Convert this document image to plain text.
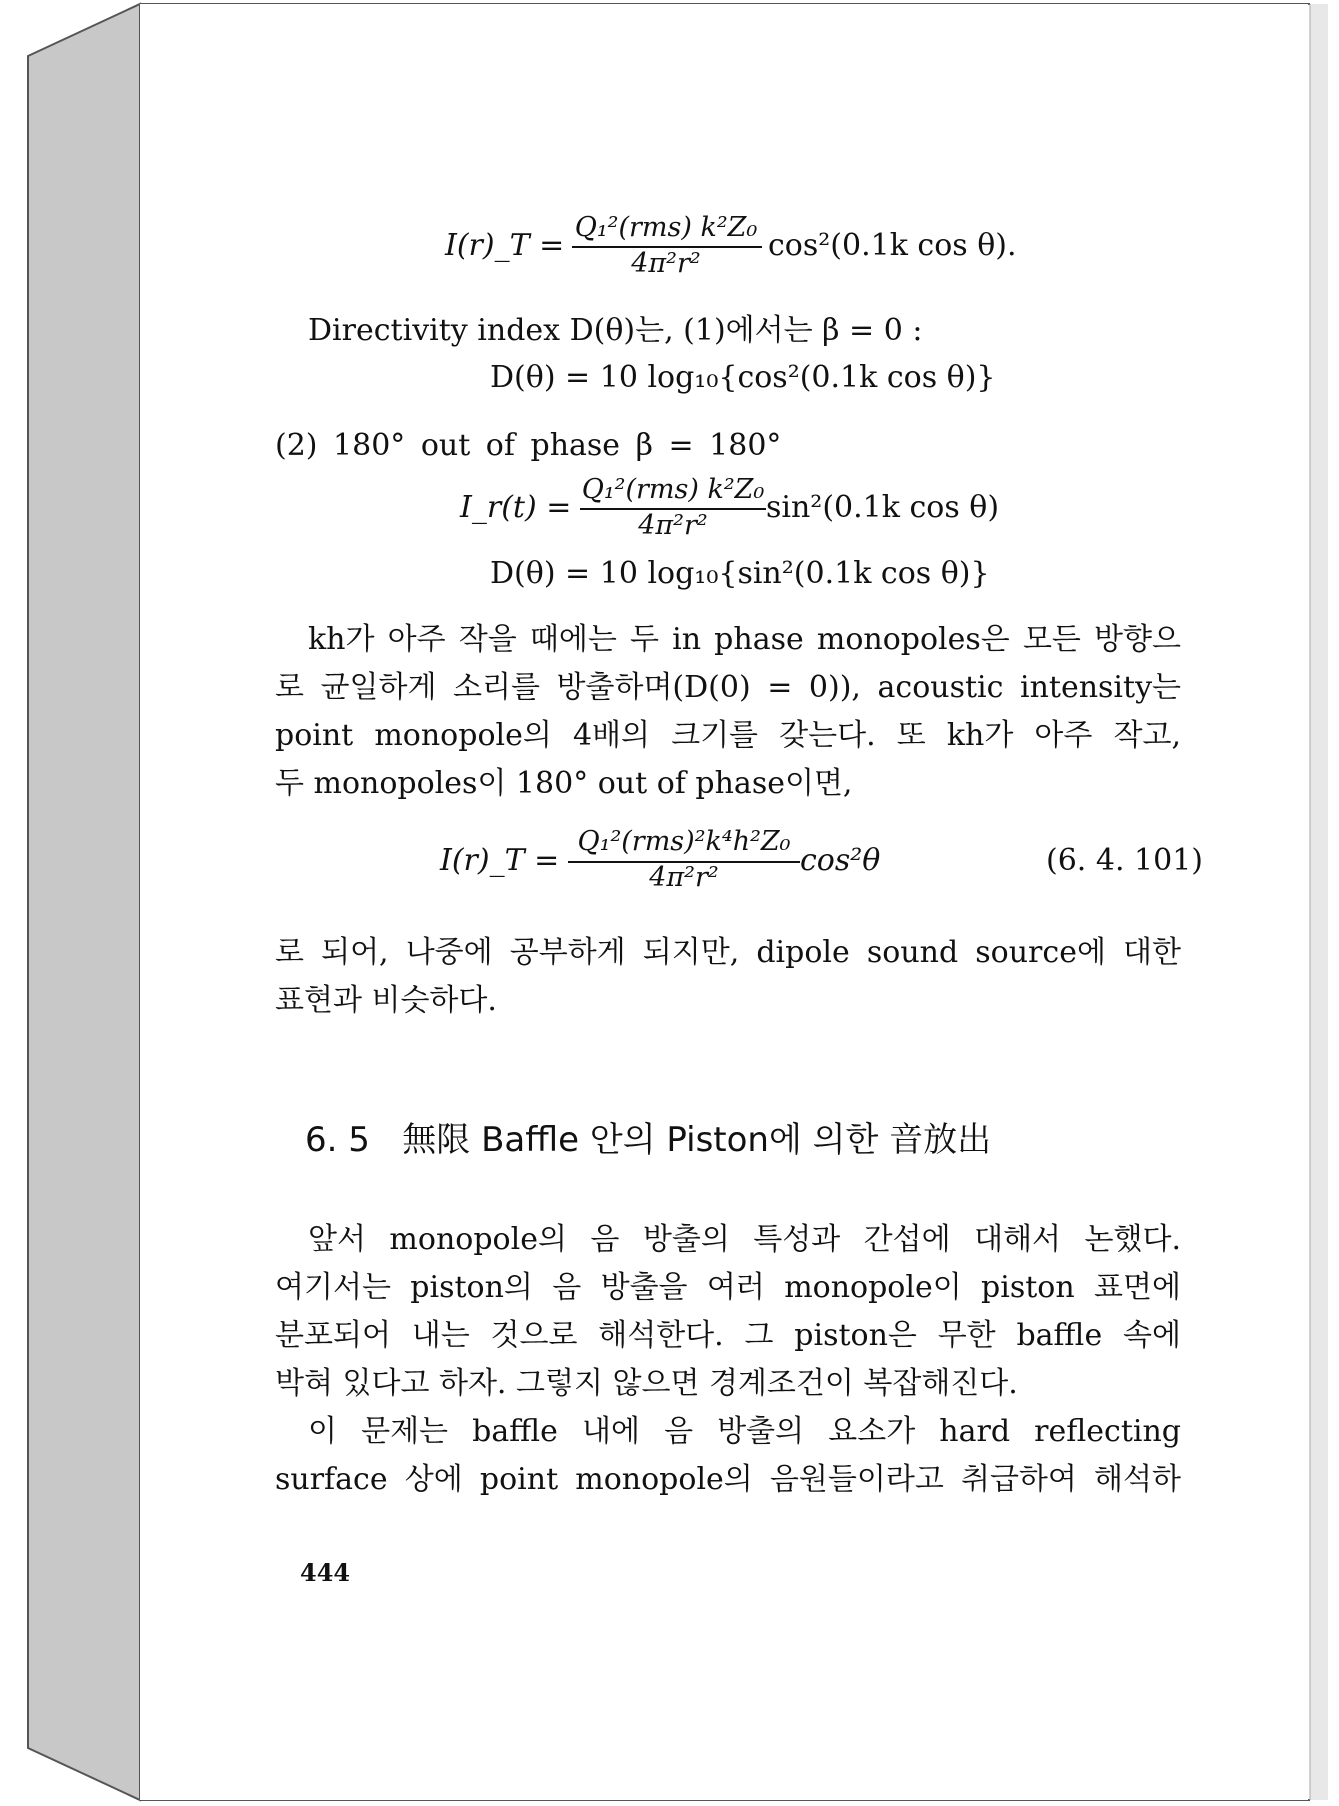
I(r)_T =
Q₁²(rms) k²Z₀
4π²r²
cos²(0.1k cos θ).
Directivity index D(θ)는, (1)에서는 β = 0 :
D(θ) = 10 log₁₀{cos²(0.1k cos θ)}
(2) 180° out of phase β = 180°
I_r(t) =
Q₁²(rms) k²Z₀
4π²r²
sin²(0.1k cos θ)
D(θ) = 10 log₁₀{sin²(0.1k cos θ)}
kh가 아주 작을 때에는 두 in phase monopoles은 모든 방향으
로 균일하게 소리를 방출하며(D(0) = 0)), acoustic intensity는
point monopole의 4배의 크기를 갖는다. 또 kh가 아주 작고,
두 monopoles이 180° out of phase이면,
I(r)_T =
Q₁²(rms)²k⁴h²Z₀
4π²r²	cos²θ	(6. 4. 101)
로 되어, 나중에 공부하게 되지만, dipole sound source에 대한
표현과 비슷하다.
6. 5   無限 Baffle 안의 Piston에 의한 音放出
앞서 monopole의 음 방출의 특성과 간섭에 대해서 논했다.
여기서는 piston의 음 방출을 여러 monopole이 piston 표면에
분포되어 내는 것으로 해석한다. 그 piston은 무한 baffle 속에
박혀 있다고 하자. 그렇지 않으면 경계조건이 복잡해진다.
이 문제는 baffle 내에 음 방출의 요소가 hard reflecting
surface 상에 point monopole의 음원들이라고 취급하여 해석하
444
